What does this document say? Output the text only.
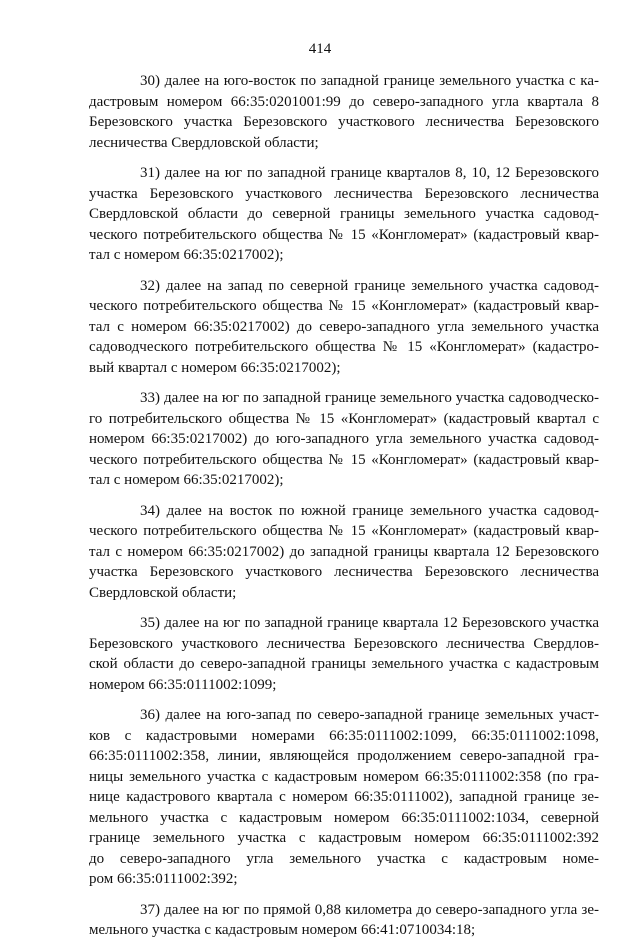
414

30) далее на юго-восток по западной границе земельного участка с ка-
дастровым номером 66:35:0201001:99 до северо-западного угла квартала 8
Березовского участка Березовского участкового лесничества Березовского
лесничества Свердловской области;

31) далее на юг по западной границе кварталов 8, 10, 12 Березовского
участка Березовского участкового лесничества Березовского лесничества
Свердловской области до северной границы земельного участка садовод-
ческого потребительского общества № 15 «Конгломерат» (кадастровый квар-
тал с номером 66:35:0217002);

32) далее на запад по северной границе земельного участка садовод-
ческого потребительского общества № 15 «Конгломерат» (кадастровый квар-
тал с номером 66:35:0217002) до северо-западного угла земельного участка
садоводческого потребительского общества № 15 «Конгломерат» (кадастро-
вый квартал с номером 66:35:0217002);

33) далее на юг по западной границе земельного участка садоводческо-
го потребительского общества № 15 «Конгломерат» (кадастровый квартал с
номером 66:35:0217002) до юго-западного угла земельного участка садовод-
ческого потребительского общества № 15 «Конгломерат» (кадастровый квар-
тал с номером 66:35:0217002);

34) далее на восток по южной границе земельного участка садовод-
ческого потребительского общества № 15 «Конгломерат» (кадастровый квар-
тал с номером 66:35:0217002) до западной границы квартала 12 Березовского
участка Березовского участкового лесничества Березовского лесничества
Свердловской области;

35) далее на юг по западной границе квартала 12 Березовского участка
Березовского участкового лесничества Березовского лесничества Свердлов-
ской области до северо-западной границы земельного участка с кадастровым
номером 66:35:0111002:1099;

36) далее на юго-запад по северо-западной границе земельных участ-
ков с кадастровыми номерами 66:35:0111002:1099, 66:35:0111002:1098,
66:35:0111002:358, линии, являющейся продолжением северо-западной гра-
ницы земельного участка с кадастровым номером 66:35:0111002:358 (по гра-
нице кадастрового квартала с номером 66:35:0111002), западной границе зе-
мельного участка с кадастровым номером 66:35:0111002:1034, северной
границе земельного участка с кадастровым номером 66:35:0111002:392
до северо-западного угла земельного участка с кадастровым номе-
ром 66:35:0111002:392;

37) далее на юг по прямой 0,88 километра до северо-западного угла зе-
мельного участка с кадастровым номером 66:41:0710034:18;
